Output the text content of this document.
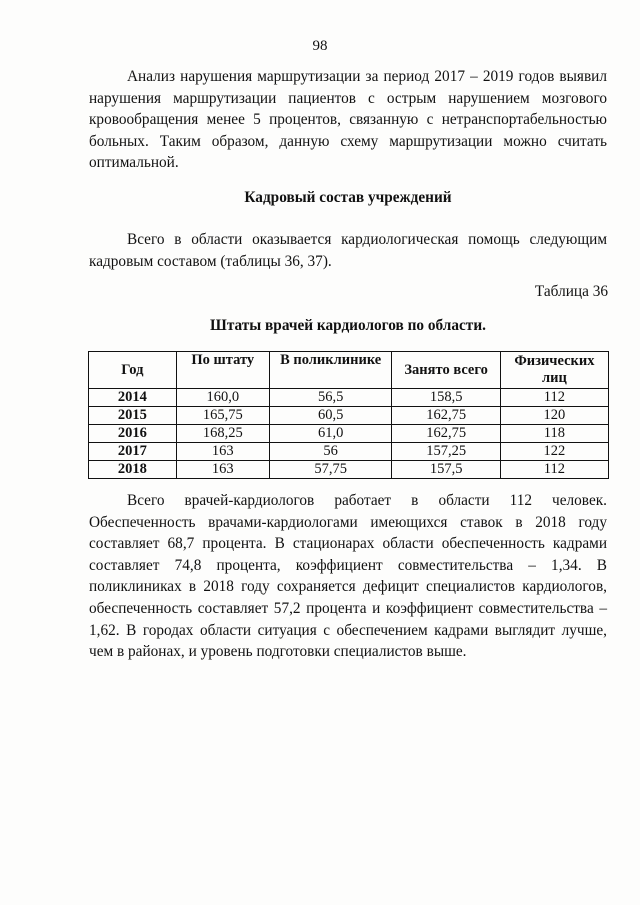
98

Анализ нарушения маршрутизации за период 2017 – 2019 годов выявил нарушения маршрутизации пациентов с острым нарушением мозгового кровообращения менее 5 процентов, связанную с нетранспортабельностью больных. Таким образом, данную схему маршрутизации можно считать оптимальной.

Кадровый состав учреждений

Всего в области оказывается кардиологическая помощь следующим кадровым составом (таблицы 36, 37).

Таблица 36
Штаты врачей кардиологов по области.
Год	По штату	В поликлинике	Занято всего	Физических лиц
2014	160,0	56,5	158,5	112
2015	165,75	60,5	162,75	120
2016	168,25	61,0	162,75	118
2017	163	56	157,25	122
2018	163	57,75	157,5	112

Всего врачей-кардиологов работает в области 112 человек. Обеспеченность врачами-кардиологами имеющихся ставок в 2018 году составляет 68,7 процента. В стационарах области обеспеченность кадрами составляет 74,8 процента, коэффициент совместительства – 1,34. В поликлиниках в 2018 году сохраняется дефицит специалистов кардиологов, обеспеченность составляет 57,2 процента и коэффициент совместительства – 1,62. В городах области ситуация с обеспечением кадрами выглядит лучше, чем в районах, и уровень подготовки специалистов выше.
